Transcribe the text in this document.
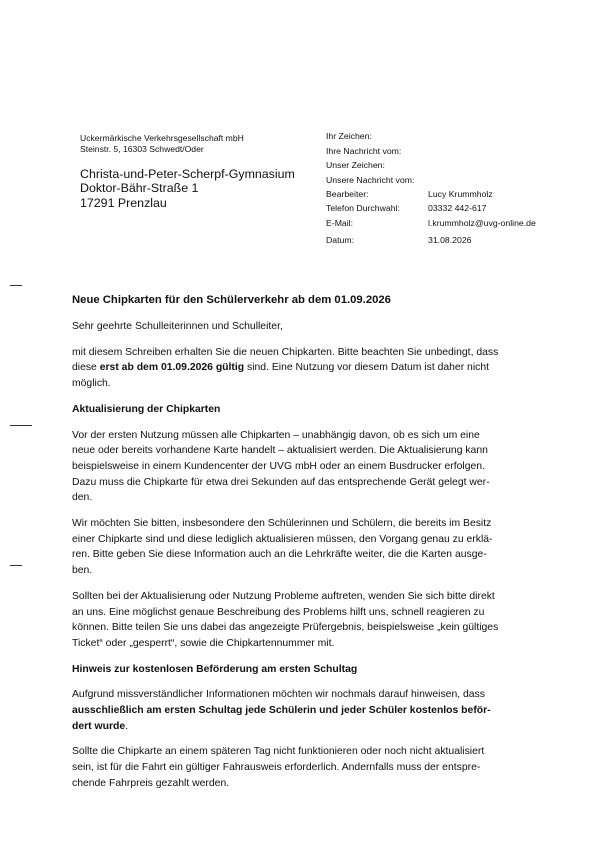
Uckermärkische Verkehrsgesellschaft mbH
Steinstr. 5, 16303 Schwedt/Oder
Christa-und-Peter-Scherpf-Gymnasium
Doktor-Bähr-Straße 1
17291 Prenzlau
Ihr Zeichen:
Ihre Nachricht vom:
Unser Zeichen:
Unsere Nachricht vom:
Bearbeiter:	Lucy Krummholz
Telefon Durchwahl:	03332 442-617
E-Mail:	l.krummholz@uvg-online.de
Datum:	31.08.2026

Neue Chipkarten für den Schülerverkehr ab dem 01.09.2026

Sehr geehrte Schulleiterinnen und Schulleiter,

mit diesem Schreiben erhalten Sie die neuen Chipkarten. Bitte beachten Sie unbedingt, dass
diese erst ab dem 01.09.2026 gültig sind. Eine Nutzung vor diesem Datum ist daher nicht
möglich.

Aktualisierung der Chipkarten

Vor der ersten Nutzung müssen alle Chipkarten – unabhängig davon, ob es sich um eine
neue oder bereits vorhandene Karte handelt – aktualisiert werden. Die Aktualisierung kann
beispielsweise in einem Kundencenter der UVG mbH oder an einem Busdrucker erfolgen.
Dazu muss die Chipkarte für etwa drei Sekunden auf das entsprechende Gerät gelegt wer-
den.
Wir möchten Sie bitten, insbesondere den Schülerinnen und Schülern, die bereits im Besitz
einer Chipkarte sind und diese lediglich aktualisieren müssen, den Vorgang genau zu erklä-
ren. Bitte geben Sie diese Information auch an die Lehrkräfte weiter, die die Karten ausge-
ben.
Sollten bei der Aktualisierung oder Nutzung Probleme auftreten, wenden Sie sich bitte direkt
an uns. Eine möglichst genaue Beschreibung des Problems hilft uns, schnell reagieren zu
können. Bitte teilen Sie uns dabei das angezeigte Prüfergebnis, beispielsweise „kein gültiges
Ticket“ oder „gesperrt“, sowie die Chipkartennummer mit.

Hinweis zur kostenlosen Beförderung am ersten Schultag

Aufgrund missverständlicher Informationen möchten wir nochmals darauf hinweisen, dass
ausschließlich am ersten Schultag jede Schülerin und jeder Schüler kostenlos beför-
dert wurde.
Sollte die Chipkarte an einem späteren Tag nicht funktionieren oder noch nicht aktualisiert
sein, ist für die Fahrt ein gültiger Fahrausweis erforderlich. Andernfalls muss der entspre-
chende Fahrpreis gezahlt werden.
